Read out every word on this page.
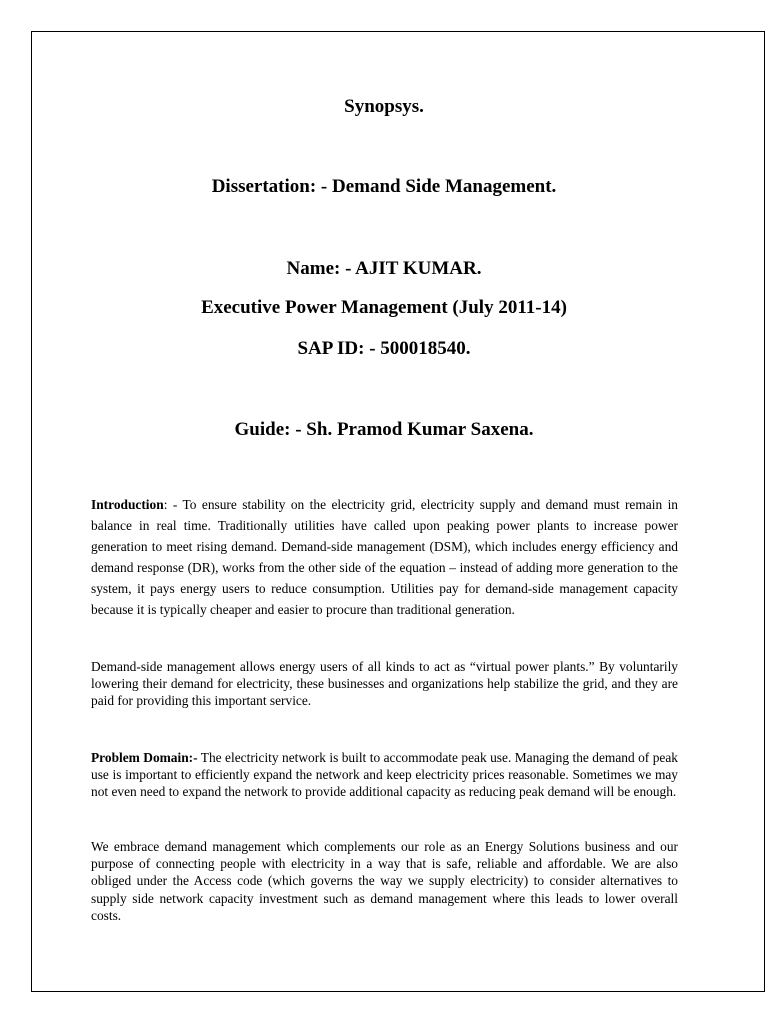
Synopsys.
Dissertation: - Demand Side Management.
Name: - AJIT KUMAR.
Executive Power Management (July 2011-14)
SAP ID: - 500018540.
Guide: - Sh. Pramod Kumar Saxena.

Introduction: - To ensure stability on the electricity grid, electricity supply and demand must remain in balance in real time. Traditionally utilities have called upon peaking power plants to increase power generation to meet rising demand. Demand-side management (DSM), which includes energy efficiency and demand response (DR), works from the other side of the equation – instead of adding more generation to the system, it pays energy users to reduce consumption. Utilities pay for demand-side management capacity because it is typically cheaper and easier to procure than traditional generation.

Demand-side management allows energy users of all kinds to act as “virtual power plants.” By voluntarily lowering their demand for electricity, these businesses and organizations help stabilize the grid, and they are paid for providing this important service.

Problem Domain:- The electricity network is built to accommodate peak use. Managing the demand of peak use is important to efficiently expand the network and keep electricity prices reasonable. Sometimes we may not even need to expand the network to provide additional capacity as reducing peak demand will be enough.

We embrace demand management which complements our role as an Energy Solutions business and our purpose of connecting people with electricity in a way that is safe, reliable and affordable. We are also obliged under the Access code (which governs the way we supply electricity) to consider alternatives to supply side network capacity investment such as demand management where this leads to lower overall costs.
